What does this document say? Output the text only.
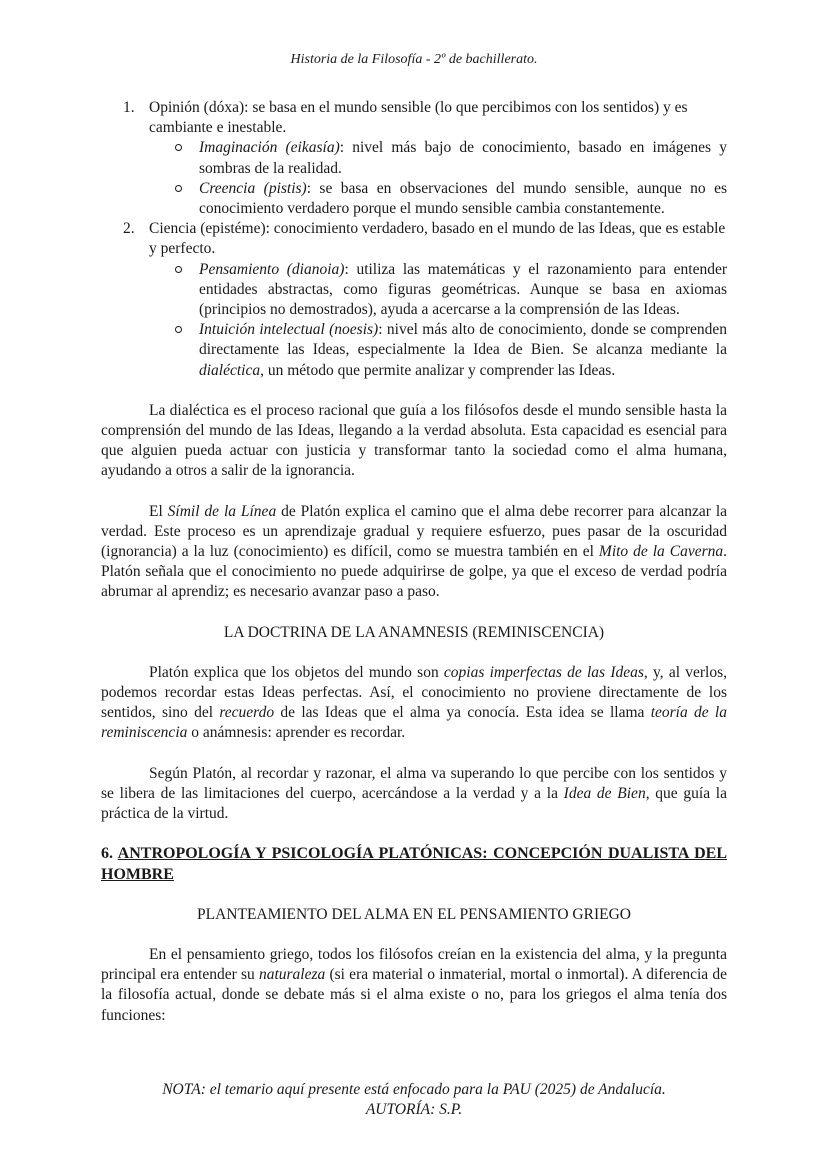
Historia de la Filosofía - 2º de bachillerato.
1. Opinión (dóxa): se basa en el mundo sensible (lo que percibimos con los sentidos) y es cambiante e inestable.
Imaginación (eikasía): nivel más bajo de conocimiento, basado en imágenes y sombras de la realidad.
Creencia (pistis): se basa en observaciones del mundo sensible, aunque no es conocimiento verdadero porque el mundo sensible cambia constantemente.
2. Ciencia (epistéme): conocimiento verdadero, basado en el mundo de las Ideas, que es estable y perfecto.
Pensamiento (dianoia): utiliza las matemáticas y el razonamiento para entender entidades abstractas, como figuras geométricas. Aunque se basa en axiomas (principios no demostrados), ayuda a acercarse a la comprensión de las Ideas.
Intuición intelectual (noesis): nivel más alto de conocimiento, donde se comprenden directamente las Ideas, especialmente la Idea de Bien. Se alcanza mediante la dialéctica, un método que permite analizar y comprender las Ideas.

La dialéctica es el proceso racional que guía a los filósofos desde el mundo sensible hasta la comprensión del mundo de las Ideas, llegando a la verdad absoluta. Esta capacidad es esencial para que alguien pueda actuar con justicia y transformar tanto la sociedad como el alma humana, ayudando a otros a salir de la ignorancia.

El Símil de la Línea de Platón explica el camino que el alma debe recorrer para alcanzar la verdad. Este proceso es un aprendizaje gradual y requiere esfuerzo, pues pasar de la oscuridad (ignorancia) a la luz (conocimiento) es difícil, como se muestra también en el Mito de la Caverna. Platón señala que el conocimiento no puede adquirirse de golpe, ya que el exceso de verdad podría abrumar al aprendiz; es necesario avanzar paso a paso.

LA DOCTRINA DE LA ANAMNESIS (REMINISCENCIA)

Platón explica que los objetos del mundo son copias imperfectas de las Ideas, y, al verlos, podemos recordar estas Ideas perfectas. Así, el conocimiento no proviene directamente de los sentidos, sino del recuerdo de las Ideas que el alma ya conocía. Esta idea se llama teoría de la reminiscencia o anámnesis: aprender es recordar.

Según Platón, al recordar y razonar, el alma va superando lo que percibe con los sentidos y se libera de las limitaciones del cuerpo, acercándose a la verdad y a la Idea de Bien, que guía la práctica de la virtud.

6. ANTROPOLOGÍA Y PSICOLOGÍA PLATÓNICAS: CONCEPCIÓN DUALISTA DEL HOMBRE

PLANTEAMIENTO DEL ALMA EN EL PENSAMIENTO GRIEGO

En el pensamiento griego, todos los filósofos creían en la existencia del alma, y la pregunta principal era entender su naturaleza (si era material o inmaterial, mortal o inmortal). A diferencia de la filosofía actual, donde se debate más si el alma existe o no, para los griegos el alma tenía dos funciones:

NOTA: el temario aquí presente está enfocado para la PAU (2025) de Andalucía.
AUTORÍA: S.P.
